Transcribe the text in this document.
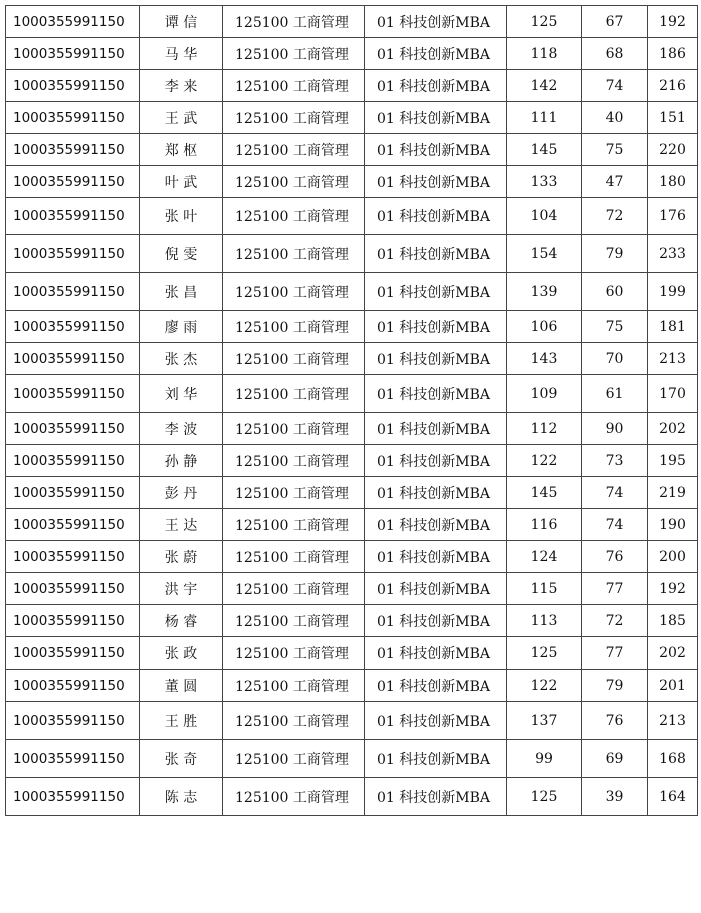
1000355991150	谭 信	125100 工商管理	01 科技创新MBA	125	67	192
1000355991150	马 华	125100 工商管理	01 科技创新MBA	118	68	186
1000355991150	李 来	125100 工商管理	01 科技创新MBA	142	74	216
1000355991150	王 武	125100 工商管理	01 科技创新MBA	111	40	151
1000355991150	郑 枢	125100 工商管理	01 科技创新MBA	145	75	220
1000355991150	叶 武	125100 工商管理	01 科技创新MBA	133	47	180
1000355991150	张 叶	125100 工商管理	01 科技创新MBA	104	72	176
1000355991150	倪 雯	125100 工商管理	01 科技创新MBA	154	79	233
1000355991150	张 昌	125100 工商管理	01 科技创新MBA	139	60	199
1000355991150	廖 雨	125100 工商管理	01 科技创新MBA	106	75	181
1000355991150	张 杰	125100 工商管理	01 科技创新MBA	143	70	213
1000355991150	刘 华	125100 工商管理	01 科技创新MBA	109	61	170
1000355991150	李 波	125100 工商管理	01 科技创新MBA	112	90	202
1000355991150	孙 静	125100 工商管理	01 科技创新MBA	122	73	195
1000355991150	彭 丹	125100 工商管理	01 科技创新MBA	145	74	219
1000355991150	王 达	125100 工商管理	01 科技创新MBA	116	74	190
1000355991150	张 蔚	125100 工商管理	01 科技创新MBA	124	76	200
1000355991150	洪 宇	125100 工商管理	01 科技创新MBA	115	77	192
1000355991150	杨 睿	125100 工商管理	01 科技创新MBA	113	72	185
1000355991150	张 政	125100 工商管理	01 科技创新MBA	125	77	202
1000355991150	董 圆	125100 工商管理	01 科技创新MBA	122	79	201
1000355991150	王 胜	125100 工商管理	01 科技创新MBA	137	76	213
1000355991150	张 奇	125100 工商管理	01 科技创新MBA	99	69	168
1000355991150	陈 志	125100 工商管理	01 科技创新MBA	125	39	164
